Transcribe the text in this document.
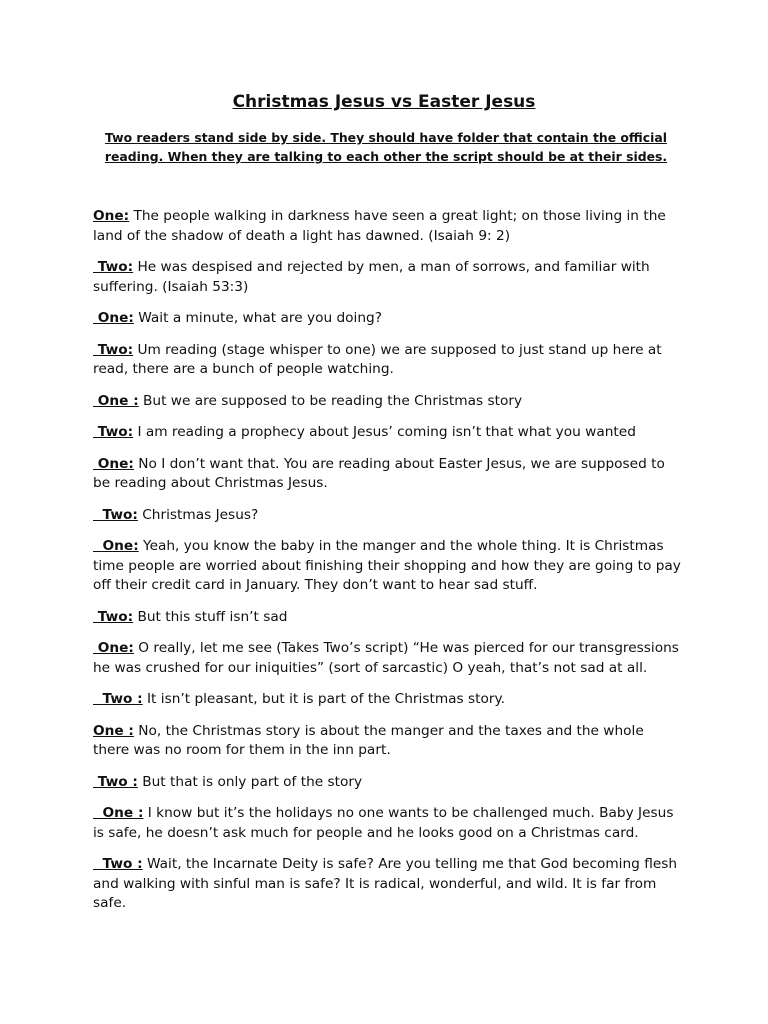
Christmas Jesus vs Easter Jesus

Two readers stand side by side. They should have folder that contain the official reading. When they are talking to each other the script should be at their sides.

One: The people walking in darkness have seen a great light; on those living in the land of the shadow of death a light has dawned. (Isaiah 9: 2)

Two: He was despised and rejected by men, a man of sorrows, and familiar with suffering. (Isaiah 53:3)

One: Wait a minute, what are you doing?

Two: Um reading (stage whisper to one) we are supposed to just stand up here at read, there are a bunch of people watching.

One : But we are supposed to be reading the Christmas story

Two: I am reading a prophecy about Jesus’ coming isn’t that what you wanted

One: No I don’t want that. You are reading about Easter Jesus, we are supposed to be reading about Christmas Jesus.

Two: Christmas Jesus?

One: Yeah, you know the baby in the manger and the whole thing. It is Christmas time people are worried about finishing their shopping and how they are going to pay off their credit card in January. They don’t want to hear sad stuff.

Two: But this stuff isn’t sad

One: O really, let me see (Takes Two’s script) “He was pierced for our transgressions he was crushed for our iniquities” (sort of sarcastic) O yeah, that’s not sad at all.

Two : It isn’t pleasant, but it is part of the Christmas story.

One : No, the Christmas story is about the manger and the taxes and the whole there was no room for them in the inn part.

Two : But that is only part of the story

One : I know but it’s the holidays no one wants to be challenged much. Baby Jesus is safe, he doesn’t ask much for people and he looks good on a Christmas card.

Two : Wait, the Incarnate Deity is safe? Are you telling me that God becoming flesh and walking with sinful man is safe? It is radical, wonderful, and wild. It is far from safe.
